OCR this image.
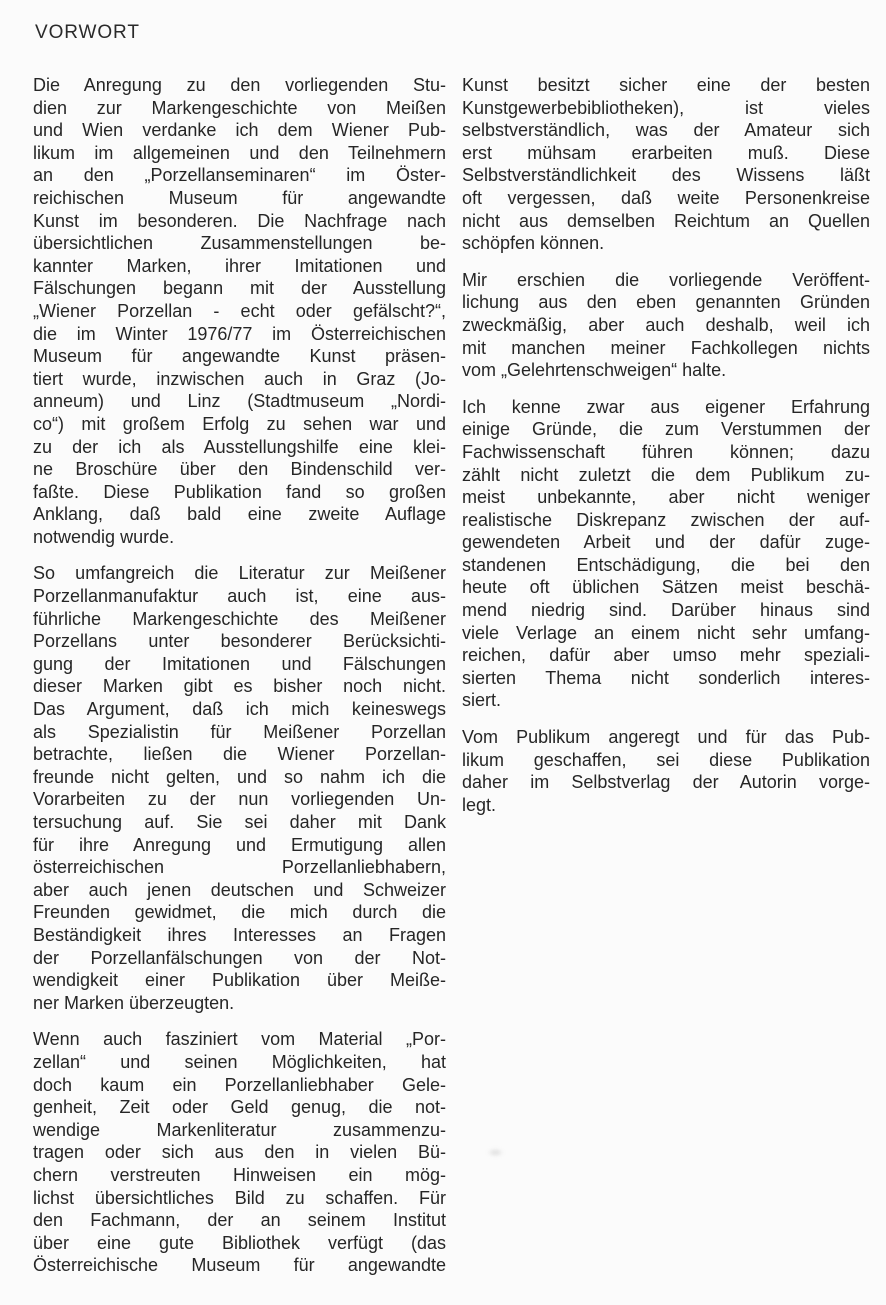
VORWORT
Die Anregung zu den vorliegenden Stu-
dien zur Markengeschichte von Meißen
und Wien verdanke ich dem Wiener Pub-
likum im allgemeinen und den Teilnehmern
an den „Porzellanseminaren“ im Öster-
reichischen Museum für angewandte
Kunst im besonderen. Die Nachfrage nach
übersichtlichen Zusammenstellungen be-
kannter Marken, ihrer Imitationen und
Fälschungen begann mit der Ausstellung
„Wiener Porzellan - echt oder gefälscht?“,
die im Winter 1976/77 im Österreichischen
Museum für angewandte Kunst präsen-
tiert wurde, inzwischen auch in Graz (Jo-
anneum) und Linz (Stadtmuseum „Nordi-
co“) mit großem Erfolg zu sehen war und
zu der ich als Ausstellungshilfe eine klei-
ne Broschüre über den Bindenschild ver-
faßte. Diese Publikation fand so großen
Anklang, daß bald eine zweite Auflage
notwendig wurde.
So umfangreich die Literatur zur Meißener
Porzellanmanufaktur auch ist, eine aus-
führliche Markengeschichte des Meißener
Porzellans unter besonderer Berücksichti-
gung der Imitationen und Fälschungen
dieser Marken gibt es bisher noch nicht.
Das Argument, daß ich mich keineswegs
als Spezialistin für Meißener Porzellan
betrachte, ließen die Wiener Porzellan-
freunde nicht gelten, und so nahm ich die
Vorarbeiten zu der nun vorliegenden Un-
tersuchung auf. Sie sei daher mit Dank
für ihre Anregung und Ermutigung allen
österreichischen Porzellanliebhabern,
aber auch jenen deutschen und Schweizer
Freunden gewidmet, die mich durch die
Beständigkeit ihres Interesses an Fragen
der Porzellanfälschungen von der Not-
wendigkeit einer Publikation über Meiße-
ner Marken überzeugten.
Wenn auch fasziniert vom Material „Por-
zellan“ und seinen Möglichkeiten, hat
doch kaum ein Porzellanliebhaber Gele-
genheit, Zeit oder Geld genug, die not-
wendige Markenliteratur zusammenzu-
tragen oder sich aus den in vielen Bü-
chern verstreuten Hinweisen ein mög-
lichst übersichtliches Bild zu schaffen. Für
den Fachmann, der an seinem Institut
über eine gute Bibliothek verfügt (das
Österreichische Museum für angewandte
Kunst besitzt sicher eine der besten
Kunstgewerbebibliotheken), ist vieles
selbstverständlich, was der Amateur sich
erst mühsam erarbeiten muß. Diese
Selbstverständlichkeit des Wissens läßt
oft vergessen, daß weite Personenkreise
nicht aus demselben Reichtum an Quellen
schöpfen können.
Mir erschien die vorliegende Veröffent-
lichung aus den eben genannten Gründen
zweckmäßig, aber auch deshalb, weil ich
mit manchen meiner Fachkollegen nichts
vom „Gelehrtenschweigen“ halte.
Ich kenne zwar aus eigener Erfahrung
einige Gründe, die zum Verstummen der
Fachwissenschaft führen können; dazu
zählt nicht zuletzt die dem Publikum zu-
meist unbekannte, aber nicht weniger
realistische Diskrepanz zwischen der auf-
gewendeten Arbeit und der dafür zuge-
standenen Entschädigung, die bei den
heute oft üblichen Sätzen meist beschä-
mend niedrig sind. Darüber hinaus sind
viele Verlage an einem nicht sehr umfang-
reichen, dafür aber umso mehr speziali-
sierten Thema nicht sonderlich interes-
siert.
Vom Publikum angeregt und für das Pub-
likum geschaffen, sei diese Publikation
daher im Selbstverlag der Autorin vorge-
legt.
